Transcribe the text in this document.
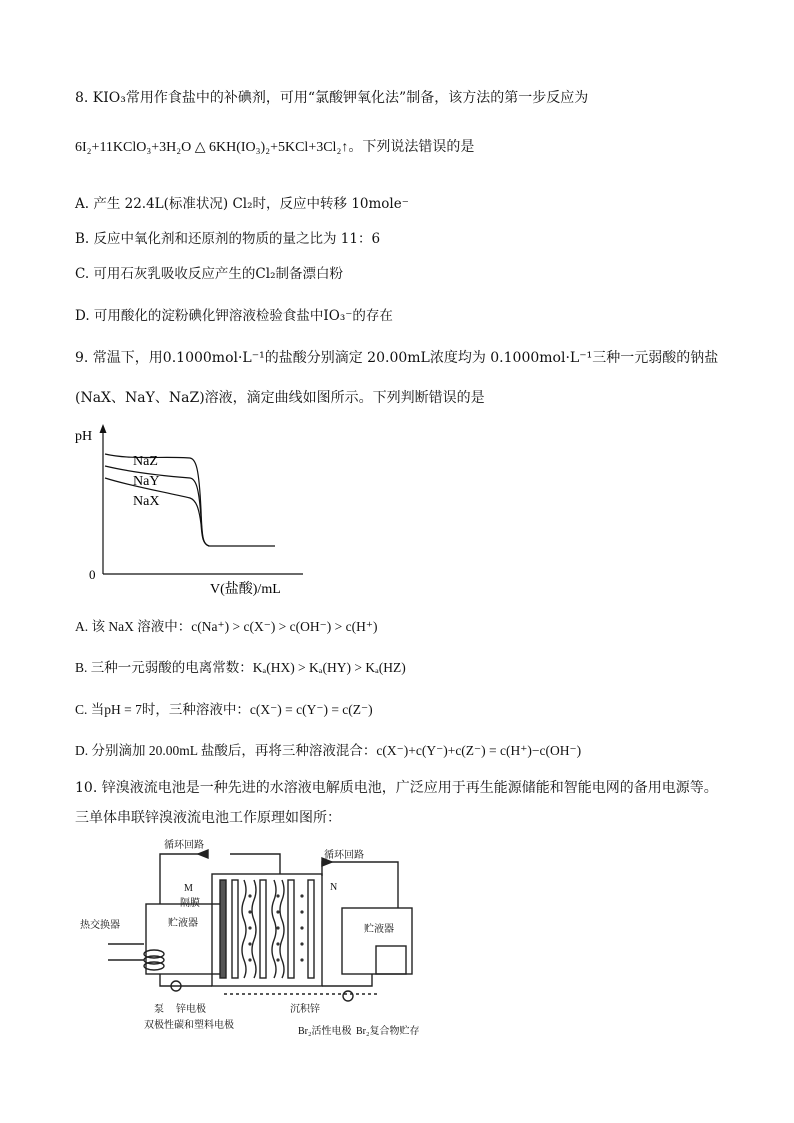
8. KIO₃常用作食盐中的补碘剂，可用“氯酸钾氧化法”制备，该方法的第一步反应为
6I₂+11KClO₃+3H₂O △ 6KH(IO₃)₂+5KCl+3Cl₂↑。下列说法错误的是
A. 产生 22.4L(标准状况) Cl₂时，反应中转移 10mole⁻
B. 反应中氧化剂和还原剂的物质的量之比为 11：6
C. 可用石灰乳吸收反应产生的Cl₂制备漂白粉
D. 可用酸化的淀粉碘化钾溶液检验食盐中IO₃⁻的存在
9. 常温下，用0.1000mol·L⁻¹的盐酸分别滴定 20.00mL浓度均为 0.1000mol·L⁻¹三种一元弱酸的钠盐
(NaX、NaY、NaZ)溶液，滴定曲线如图所示。下列判断错误的是
pH
0
V(盐酸)/mL
NaZ
NaY
NaX
A. 该 NaX 溶液中：c(Na⁺) > c(X⁻) > c(OH⁻) > c(H⁺)
B. 三种一元弱酸的电离常数：Kₐ(HX) > Kₐ(HY) > Kₐ(HZ)
C. 当pH = 7时，三种溶液中：c(X⁻) = c(Y⁻) = c(Z⁻)
D. 分别滴加 20.00mL 盐酸后，再将三种溶液混合：c(X⁻)+c(Y⁻)+c(Z⁻) = c(H⁺)−c(OH⁻)
10. 锌溴液流电池是一种先进的水溶液电解质电池，广泛应用于再生能源储能和智能电网的备用电源等。
三单体串联锌溴液流电池工作原理如图所：
循环回路
循环回路
M	N
隔膜
热交换器	贮液器
贮液器
泵 锌电极	沉积锌
双极性碳和塑料电极
Br₂活性电极 Br₂复合物贮存
